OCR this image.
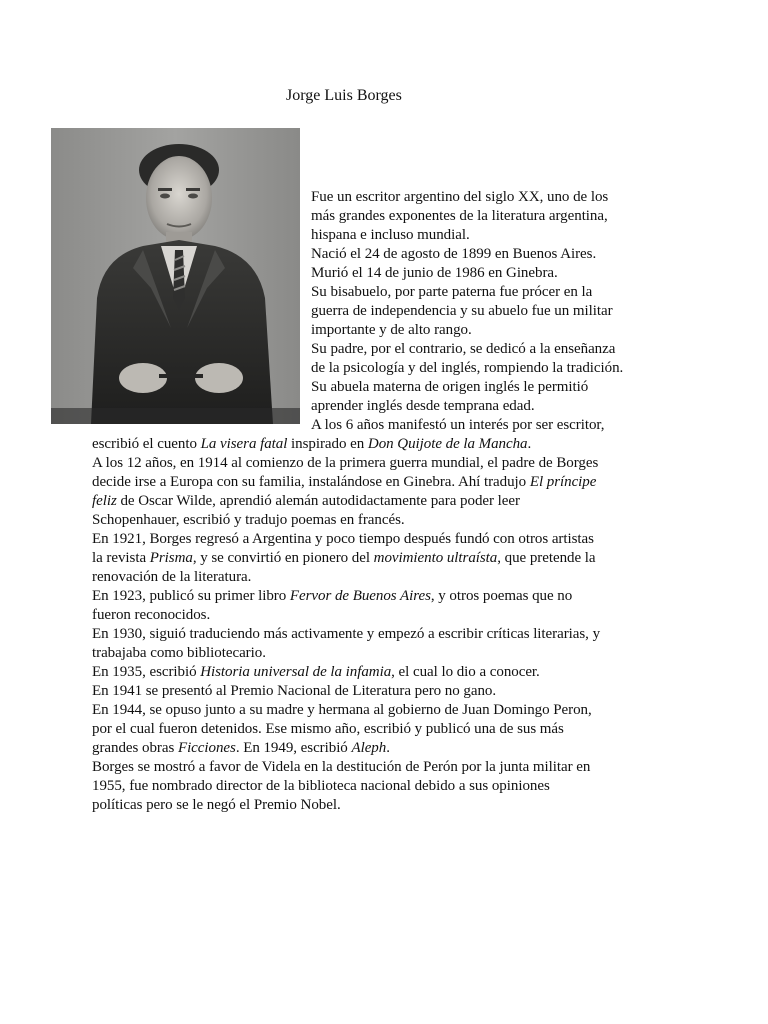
Jorge Luis Borges
Fue un escritor argentino del siglo XX, uno de los
más grandes exponentes de la literatura argentina,
hispana e incluso mundial.
Nació el 24 de agosto de 1899 en Buenos Aires.
Murió el 14 de junio de 1986 en Ginebra.
Su bisabuelo, por parte paterna fue prócer en la
guerra de independencia y su abuelo fue un militar
importante y de alto rango.
Su padre, por el contrario, se dedicó a la enseñanza
de la psicología y del inglés, rompiendo la tradición.
Su abuela materna de origen inglés le permitió
aprender inglés desde temprana edad.
A los 6 años manifestó un interés por ser escritor,
escribió el cuento La visera fatal inspirado en Don Quijote de la Mancha.
A los 12 años, en 1914 al comienzo de la primera guerra mundial, el padre de Borges
decide irse a Europa con su familia, instalándose en Ginebra. Ahí tradujo El príncipe
feliz de Oscar Wilde, aprendió alemán autodidactamente para poder leer
Schopenhauer, escribió y tradujo poemas en francés.
En 1921, Borges regresó a Argentina y poco tiempo después fundó con otros artistas
la revista Prisma, y se convirtió en pionero del movimiento ultraísta, que pretende la
renovación de la literatura.
En 1923, publicó su primer libro Fervor de Buenos Aires, y otros poemas que no
fueron reconocidos.
En 1930, siguió traduciendo más activamente y empezó a escribir críticas literarias, y
trabajaba como bibliotecario.
En 1935, escribió Historia universal de la infamia, el cual lo dio a conocer.
En 1941 se presentó al Premio Nacional de Literatura pero no gano.
En 1944, se opuso junto a su madre y hermana al gobierno de Juan Domingo Peron,
por el cual fueron detenidos. Ese mismo año, escribió y publicó una de sus más
grandes obras Ficciones. En 1949, escribió Aleph.
Borges se mostró a favor de Videla en la destitución de Perón por la junta militar en
1955, fue nombrado director de la biblioteca nacional debido a sus opiniones
políticas pero se le negó el Premio Nobel.
